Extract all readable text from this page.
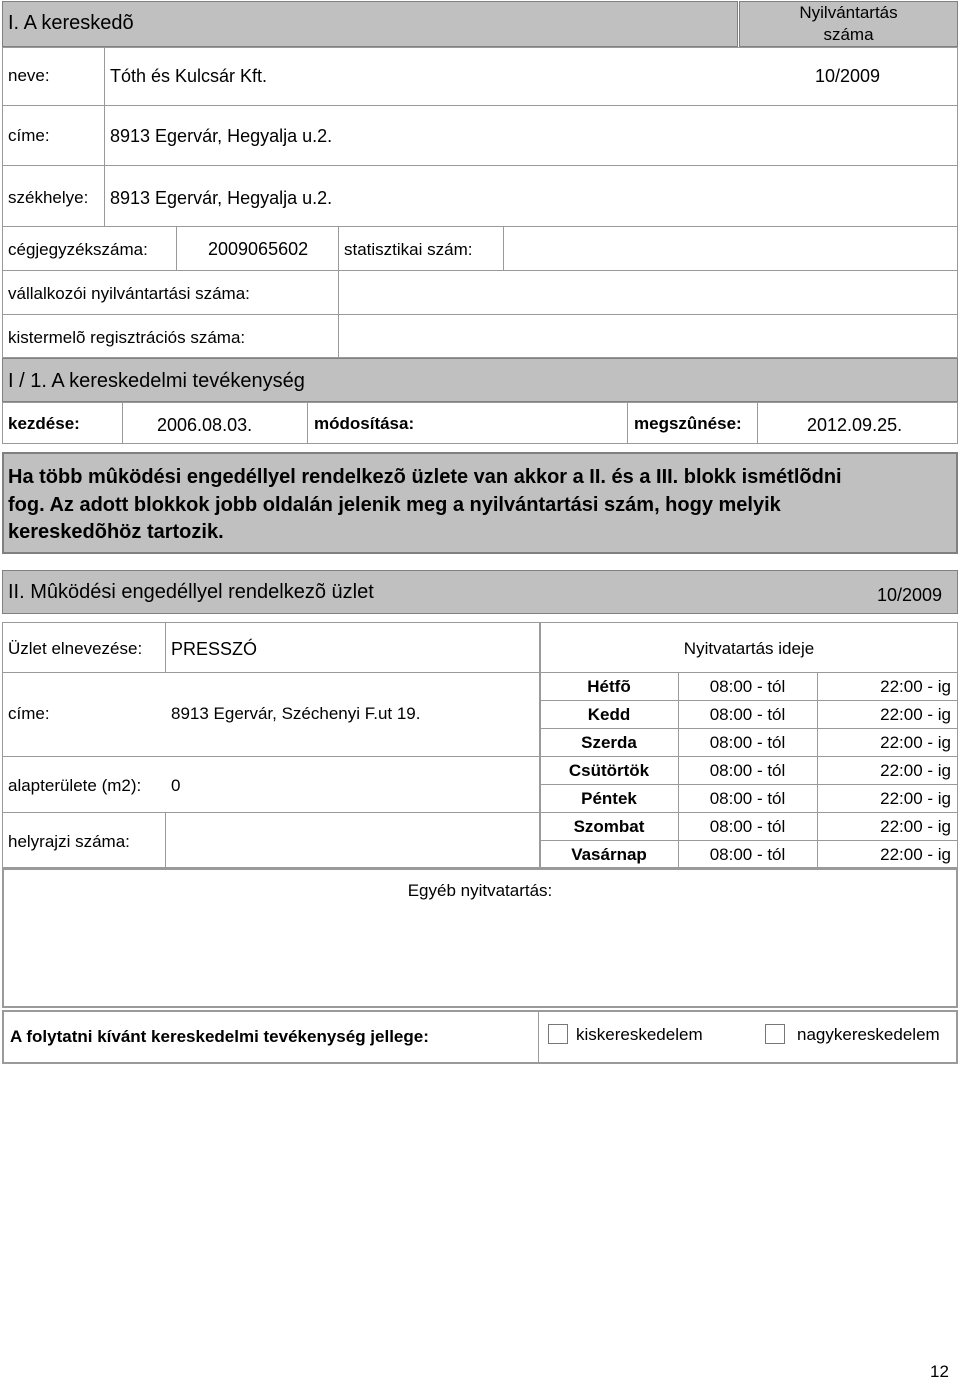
I. A kereskedõ	Nyilvántartás
száma
neve:	Tóth és Kulcsár Kft.	10/2009
címe:	8913 Egervár, Hegyalja u.2.
székhelye: 8913 Egervár, Hegyalja u.2.
cégjegyzékszáma:	2009065602 statisztikai szám:
vállalkozói nyilvántartási száma:
kistermelõ regisztrációs száma:
I / 1. A kereskedelmi tevékenység
kezdése:	2006.08.03.	módosítása:	megszûnése:	2012.09.25.
Ha több mûködési engedéllyel rendelkezõ üzlete van akkor a II. és a III. blokk ismétlõdni
fog. Az adott blokkok jobb oldalán jelenik meg a nyilvántartási szám, hogy melyik
kereskedõhöz tartozik.
II. Mûködési engedéllyel rendelkezõ üzlet	10/2009
Üzlet elnevezése: PRESSZÓ
címe:	8913 Egervár, Széchenyi F.ut 19.
alapterülete (m2): 0
helyrajzi száma:
Nyitvatartás ideje
Hétfõ	08:00 - tól	22:00 - ig
Kedd	08:00 - tól	22:00 - ig
Szerda	08:00 - tól	22:00 - ig
Csütörtök	08:00 - tól	22:00 - ig
Péntek	08:00 - tól	22:00 - ig
Szombat	08:00 - tól	22:00 - ig
Vasárnap	08:00 - tól	22:00 - ig
Egyéb nyitvatartás:
A folytatni kívánt kereskedelmi tevékenység jellege:	kiskereskedelem	nagykereskedelem
12
